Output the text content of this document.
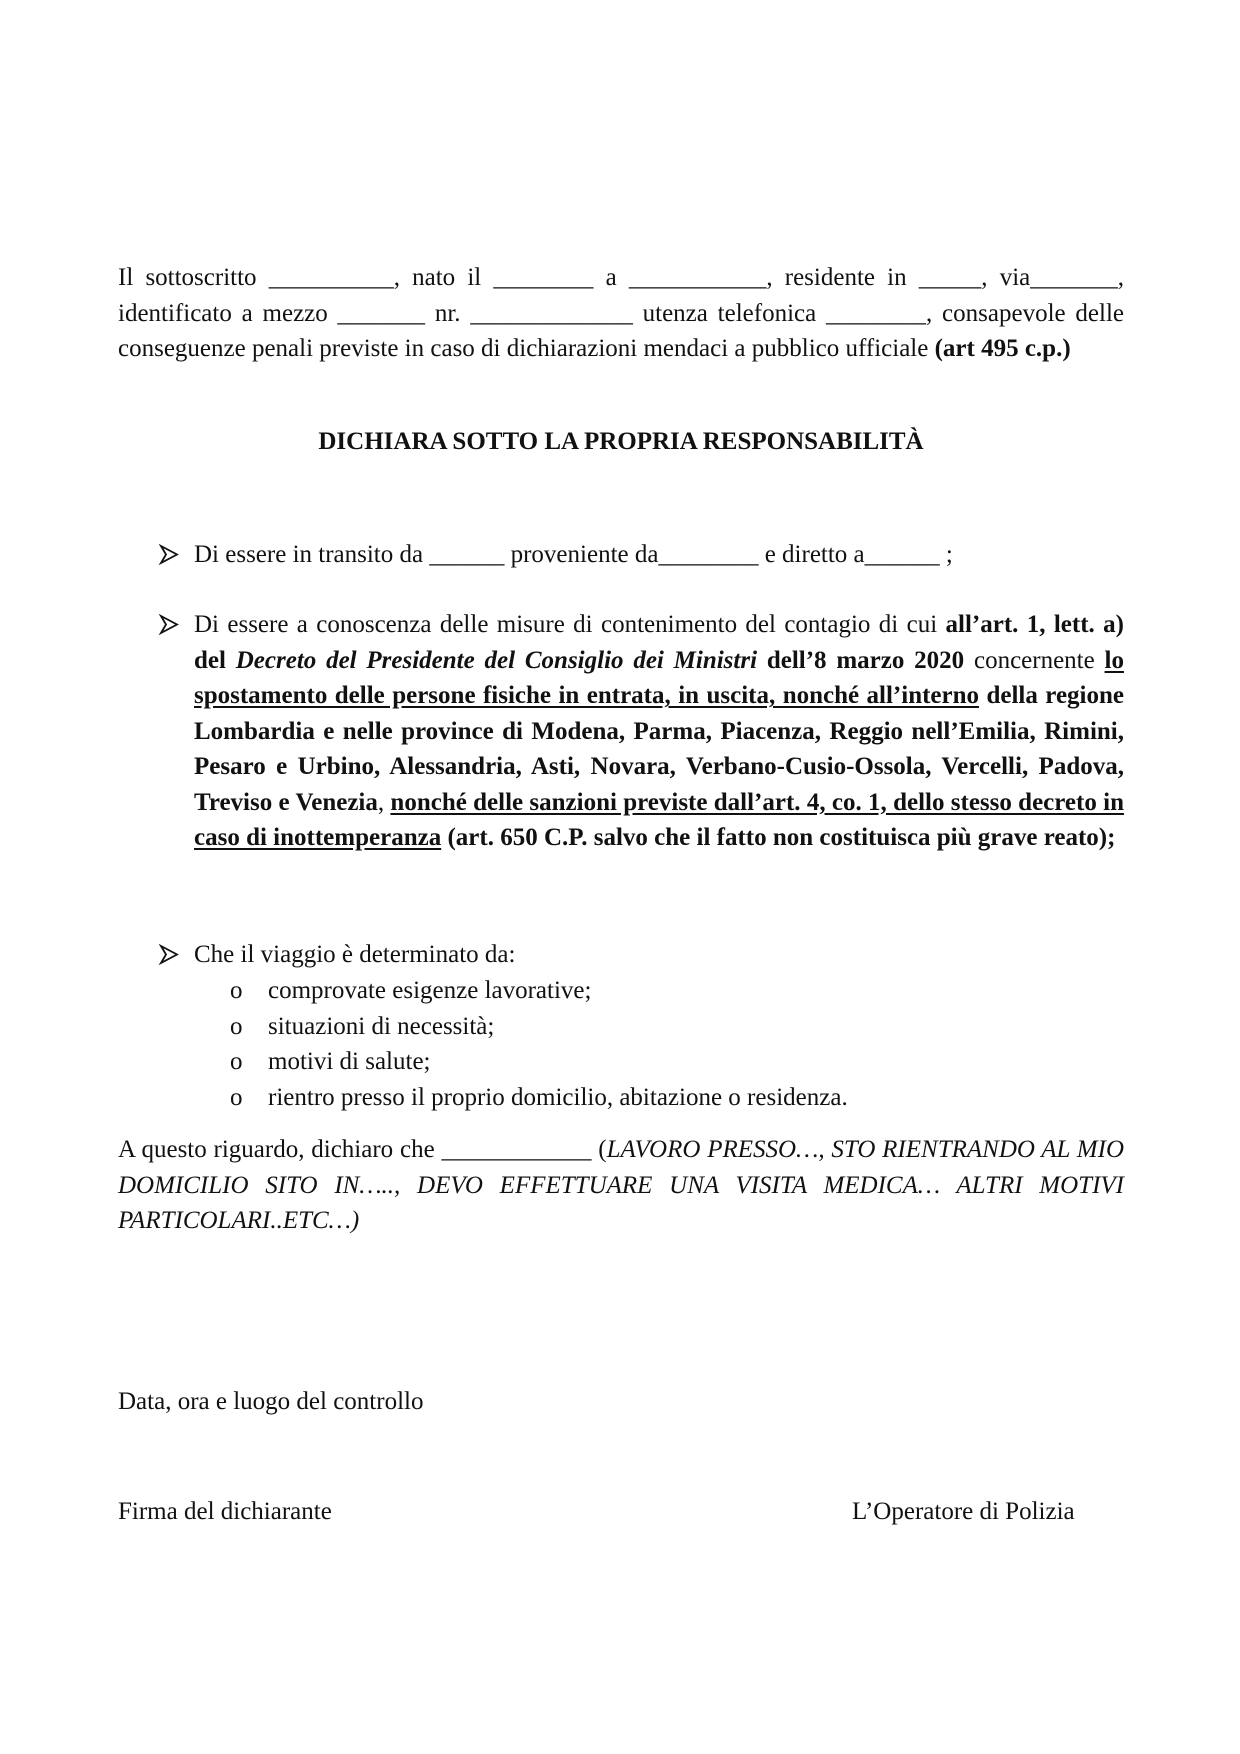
Il sottoscritto __________, nato il ________ a ___________, residente in _____, via_______, identificato a mezzo _______ nr. _____________ utenza telefonica ________, consapevole delle conseguenze penali previste in caso di dichiarazioni mendaci a pubblico ufficiale (art 495 c.p.)
DICHIARA SOTTO LA PROPRIA RESPONSABILITÀ
Di essere in transito da ______ proveniente da________ e diretto a______ ;
Di essere a conoscenza delle misure di contenimento del contagio di cui all’art. 1, lett. a) del Decreto del Presidente del Consiglio dei Ministri dell’8 marzo 2020 concernente lo spostamento delle persone fisiche in entrata, in uscita, nonché all’interno della regione Lombardia e nelle province di Modena, Parma, Piacenza, Reggio nell’Emilia, Rimini, Pesaro e Urbino, Alessandria, Asti, Novara, Verbano-Cusio-Ossola, Vercelli, Padova, Treviso e Venezia, nonché delle sanzioni previste dall’art. 4, co. 1, dello stesso decreto in caso di inottemperanza (art. 650 C.P. salvo che il fatto non costituisca più grave reato);
Che il viaggio è determinato da:
o comprovate esigenze lavorative;
o situazioni di necessità;
o motivi di salute;
o rientro presso il proprio domicilio, abitazione o residenza.
A questo riguardo, dichiaro che ____________ (LAVORO PRESSO…, STO RIENTRANDO AL MIO DOMICILIO SITO IN….., DEVO EFFETTUARE UNA VISITA MEDICA… ALTRI MOTIVI PARTICOLARI..ETC…)
Data, ora e luogo del controllo
Firma del dichiarante	L’Operatore di Polizia
